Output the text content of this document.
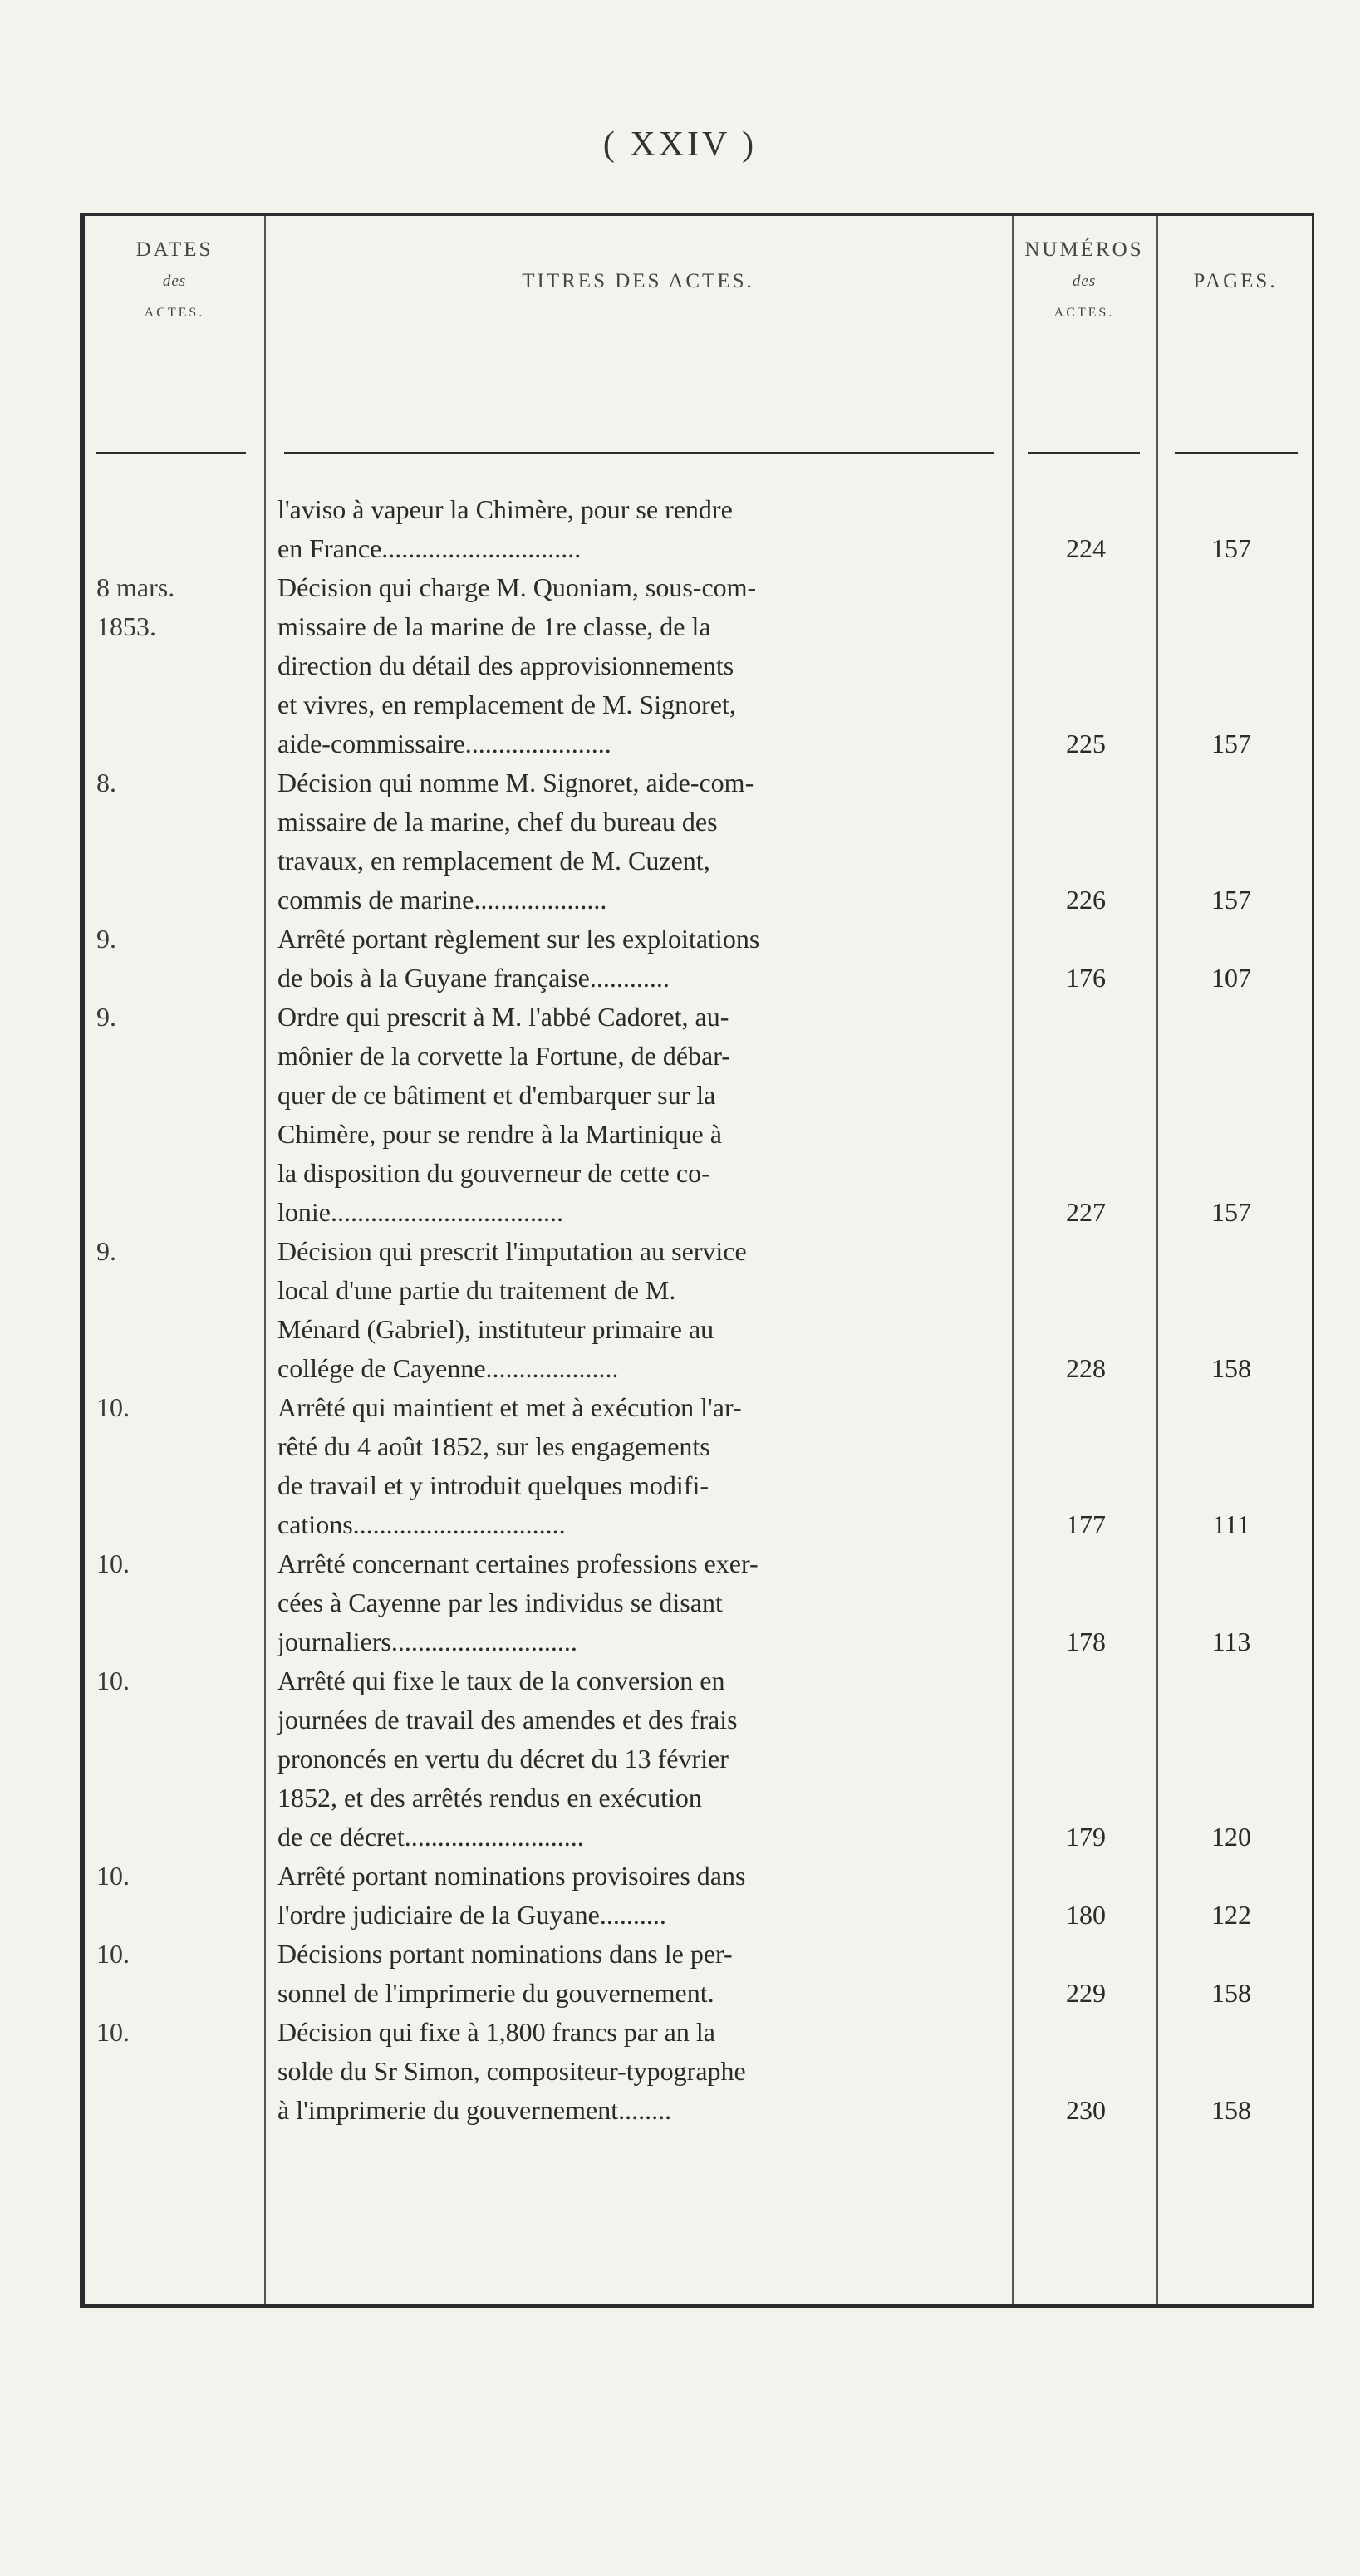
( XXIV )
DATES
des
ACTES.
TITRES DES ACTES.
NUMÉROS
des
ACTES.
PAGES.
l'aviso à vapeur la Chimère, pour se rendre
en France..............................	224	157
8 mars. 1853.
Décision qui charge M. Quoniam, sous-com-
missaire de la marine de 1re classe, de la
direction du détail des approvisionnements
et vivres, en remplacement de M. Signoret,
aide-commissaire......................	225	157
8.	Décision qui nomme M. Signoret, aide-com-
missaire de la marine, chef du bureau des
travaux, en remplacement de M. Cuzent,
commis de marine....................	226	157
9.	Arrêté portant règlement sur les exploitations
de bois à la Guyane française............	176	107
9.	Ordre qui prescrit à M. l'abbé Cadoret, au-
mônier de la corvette la Fortune, de débar-
quer de ce bâtiment et d'embarquer sur la
Chimère, pour se rendre à la Martinique à
la disposition du gouverneur de cette co-
lonie...................................	227	157
9.	Décision qui prescrit l'imputation au service
local d'une partie du traitement de M.
Ménard (Gabriel), instituteur primaire au
collége de Cayenne....................	228	158
10.	Arrêté qui maintient et met à exécution l'ar-
rêté du 4 août 1852, sur les engagements
de travail et y introduit quelques modifi-
cations................................	177	111
10.	Arrêté concernant certaines professions exer-
cées à Cayenne par les individus se disant
journaliers............................	178	113
10.	Arrêté qui fixe le taux de la conversion en
journées de travail des amendes et des frais
prononcés en vertu du décret du 13 février
1852, et des arrêtés rendus en exécution
de ce décret...........................	179	120
10.	Arrêté portant nominations provisoires dans
l'ordre judiciaire de la Guyane..........	180	122
10.	Décisions portant nominations dans le per-
sonnel de l'imprimerie du gouvernement.	229	158
10.	Décision qui fixe à 1,800 francs par an la
solde du Sr Simon, compositeur-typographe
à l'imprimerie du gouvernement........	230	158
